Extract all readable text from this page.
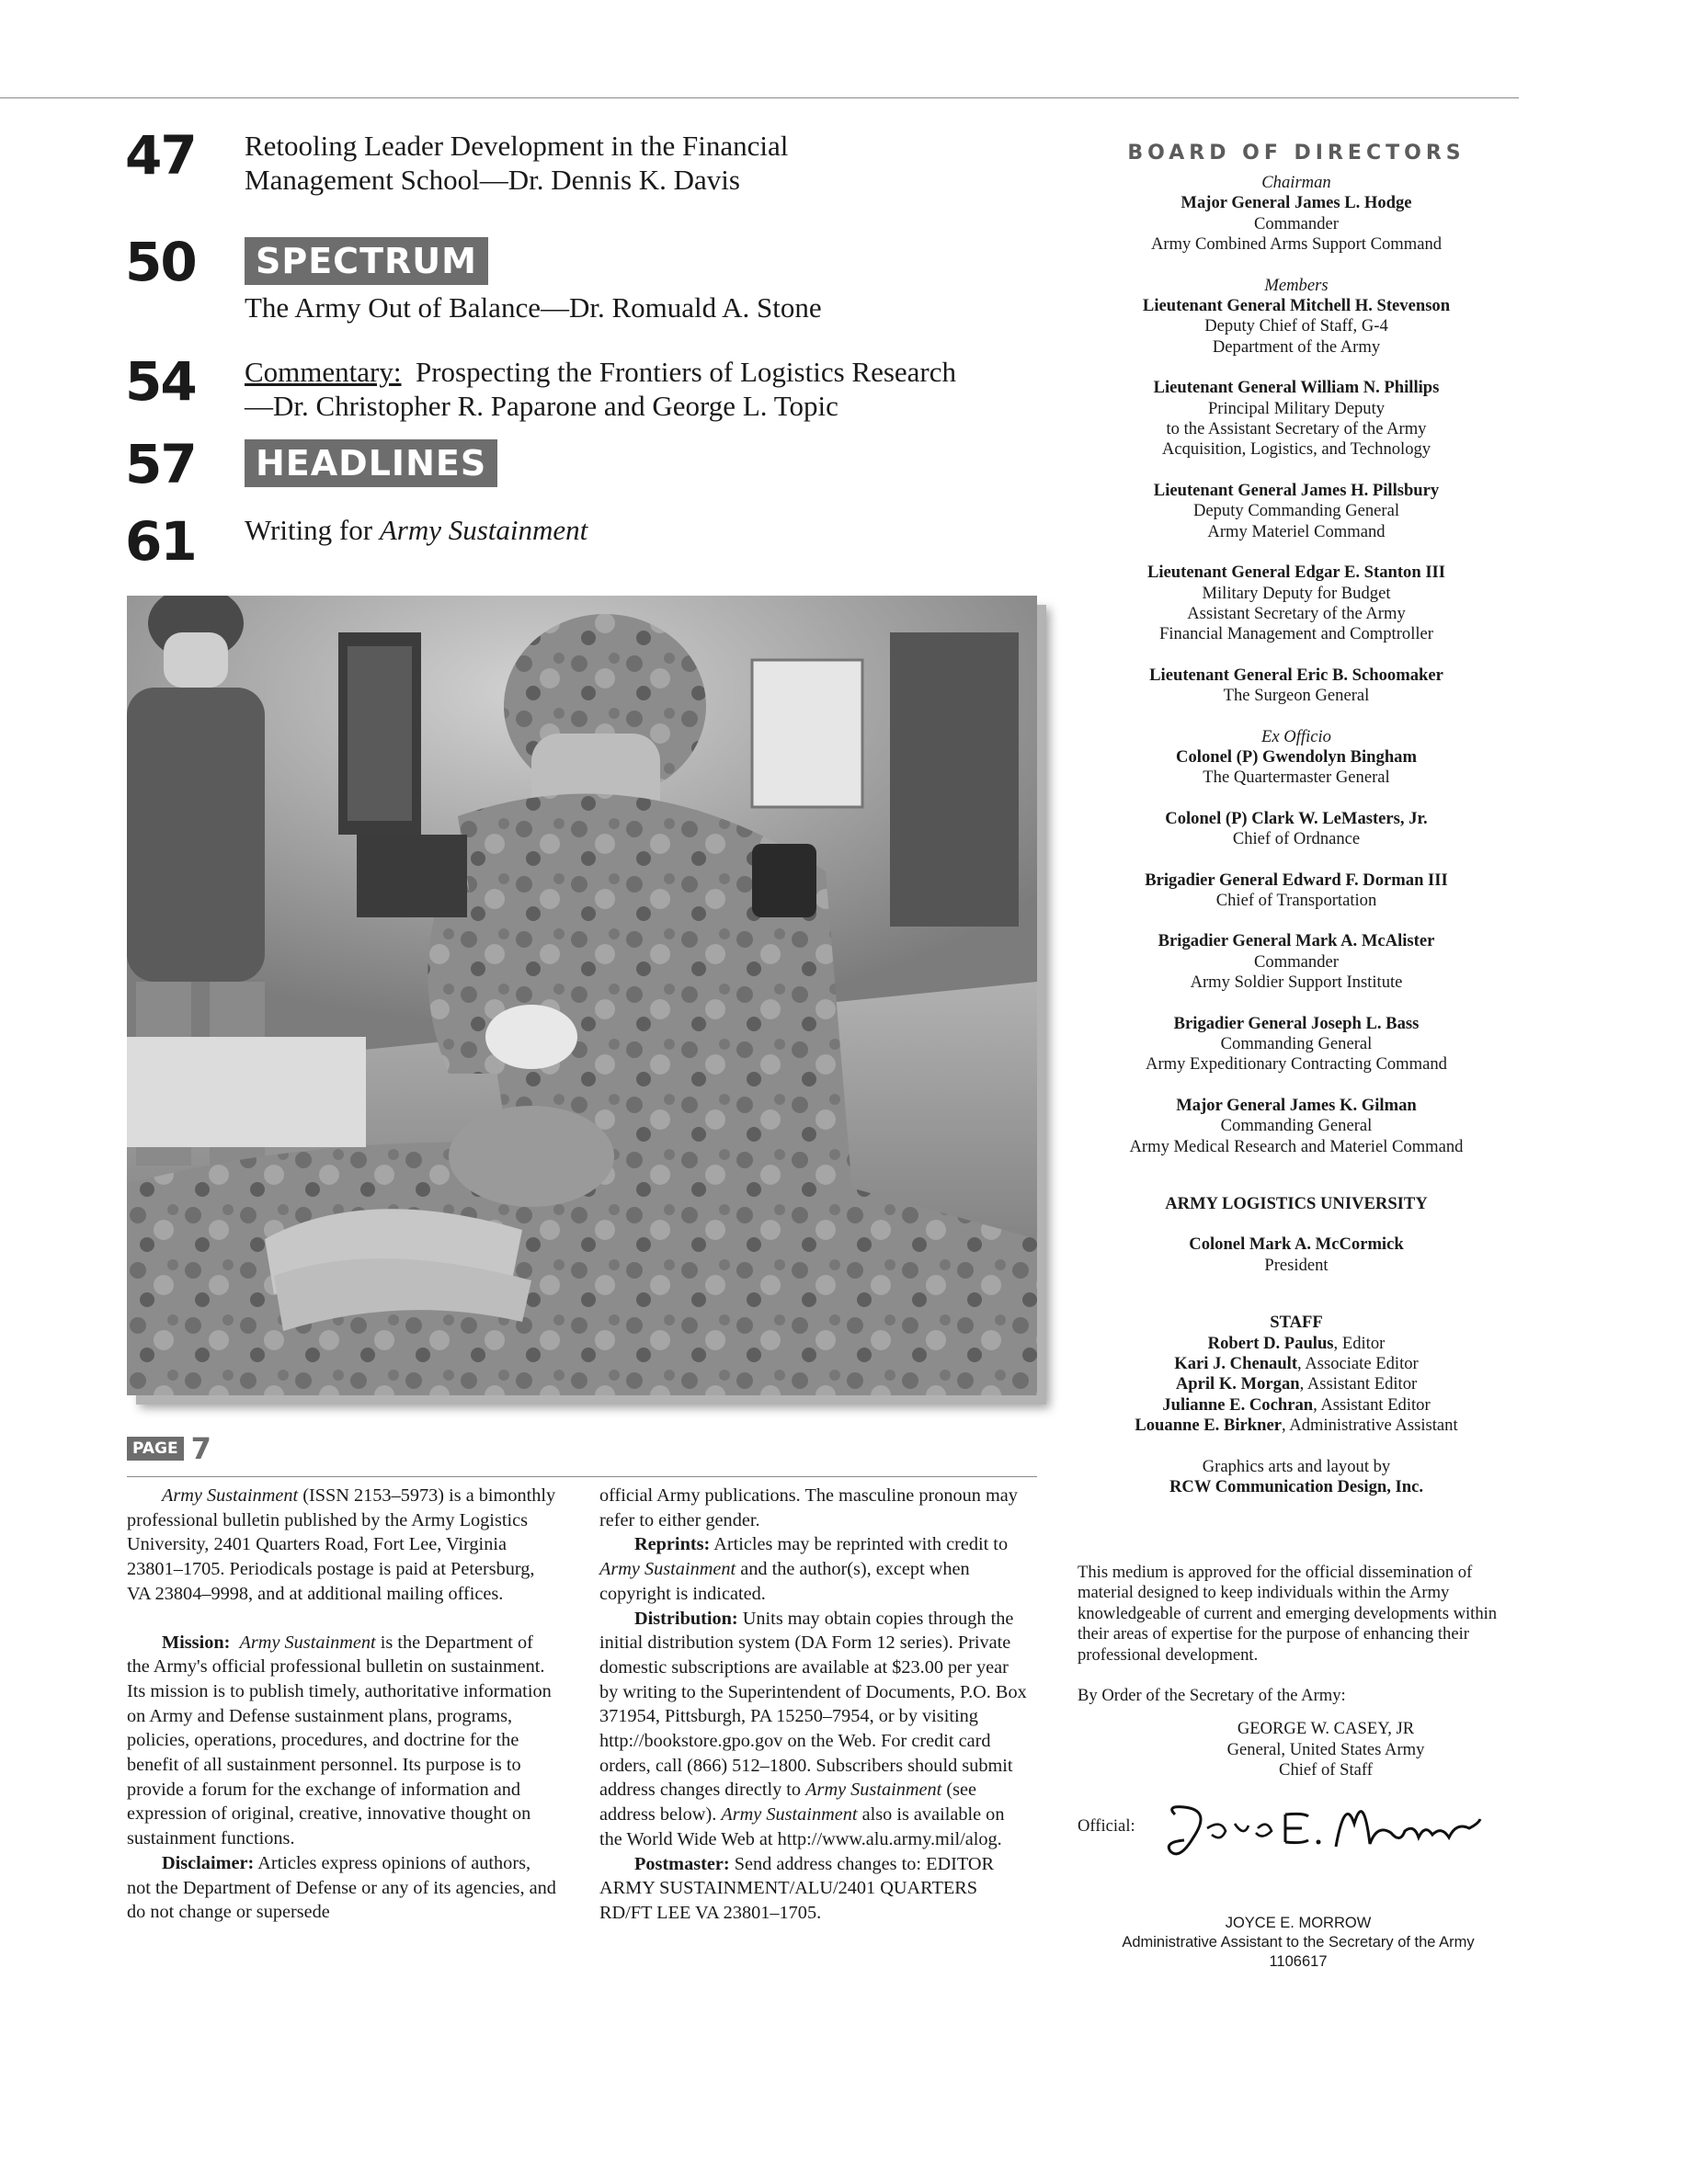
47 Retooling Leader Development in the Financial
Management School—Dr. Dennis K. Davis
50	SPECTRUM
The Army Out of Balance—Dr. Romuald A. Stone
54 Commentary: Prospecting the Frontiers of Logistics Research
—Dr. Christopher R. Paparone and George L. Topic
57	HEADLINES
61 Writing for Army Sustainment
PAGE 7

Army Sustainment (ISSN 2153–5973) is a bimonthly professional bulletin published by the Army Logistics University, 2401 Quarters Road, Fort Lee, Virginia 23801–1705. Periodicals postage is paid at Petersburg, VA 23804–9998, and at additional mailing offices.

Mission: Army Sustainment is the Department of the Army's official professional bulletin on sustainment. Its mission is to publish timely, authoritative information on Army and Defense sustainment plans, programs, policies, operations, procedures, and doctrine for the benefit of all sustainment personnel. Its purpose is to provide a forum for the exchange of information and expression of original, creative, innovative thought on sustainment functions.

Disclaimer: Articles express opinions of authors, not the Department of Defense or any of its agencies, and do not change or supersede

official Army publications. The masculine pronoun may refer to either gender.

Reprints: Articles may be reprinted with credit to Army Sustainment and the author(s), except when copyright is indicated.

Distribution: Units may obtain copies through the initial distribution system (DA Form 12 series). Private domestic subscriptions are available at $23.00 per year by writing to the Superintendent of Documents, P.O. Box 371954, Pittsburgh, PA 15250–7954, or by visiting http://bookstore.gpo.gov on the Web. For credit card orders, call (866) 512–1800. Subscribers should submit address changes directly to Army Sustainment (see address below). Army Sustainment also is available on the World Wide Web at http://www.alu.army.mil/alog.

Postmaster: Send address changes to: EDITOR ARMY SUSTAINMENT/ALU/2401 QUARTERS RD/FT LEE VA 23801–1705.

BOARD OF DIRECTORS
Chairman
Major General James L. Hodge
Commander
Army Combined Arms Support Command
Members
Lieutenant General Mitchell H. Stevenson
Deputy Chief of Staff, G-4
Department of the Army
Lieutenant General William N. Phillips
Principal Military Deputy
to the Assistant Secretary of the Army
Acquisition, Logistics, and Technology
Lieutenant General James H. Pillsbury
Deputy Commanding General
Army Materiel Command
Lieutenant General Edgar E. Stanton III
Military Deputy for Budget
Assistant Secretary of the Army
Financial Management and Comptroller
Lieutenant General Eric B. Schoomaker
The Surgeon General
Ex Officio
Colonel (P) Gwendolyn Bingham
The Quartermaster General
Colonel (P) Clark W. LeMasters, Jr.
Chief of Ordnance
Brigadier General Edward F. Dorman III
Chief of Transportation
Brigadier General Mark A. McAlister
Commander
Army Soldier Support Institute
Brigadier General Joseph L. Bass
Commanding General
Army Expeditionary Contracting Command
Major General James K. Gilman
Commanding General
Army Medical Research and Materiel Command
ARMY LOGISTICS UNIVERSITY
Colonel Mark A. McCormick
President
STAFF
Robert D. Paulus, Editor
Kari J. Chenault, Associate Editor
April K. Morgan, Assistant Editor
Julianne E. Cochran, Assistant Editor
Louanne E. Birkner, Administrative Assistant
Graphics arts and layout by
RCW Communication Design, Inc.

This medium is approved for the official dissemination of material designed to keep individuals within the Army knowledgeable of current and emerging developments within their areas of expertise for the purpose of enhancing their professional development.

By Order of the Secretary of the Army:

GEORGE W. CASEY, JR
General, United States Army
Chief of Staff
Official:
JOYCE E. MORROW
Administrative Assistant to the Secretary of the Army
1106617
